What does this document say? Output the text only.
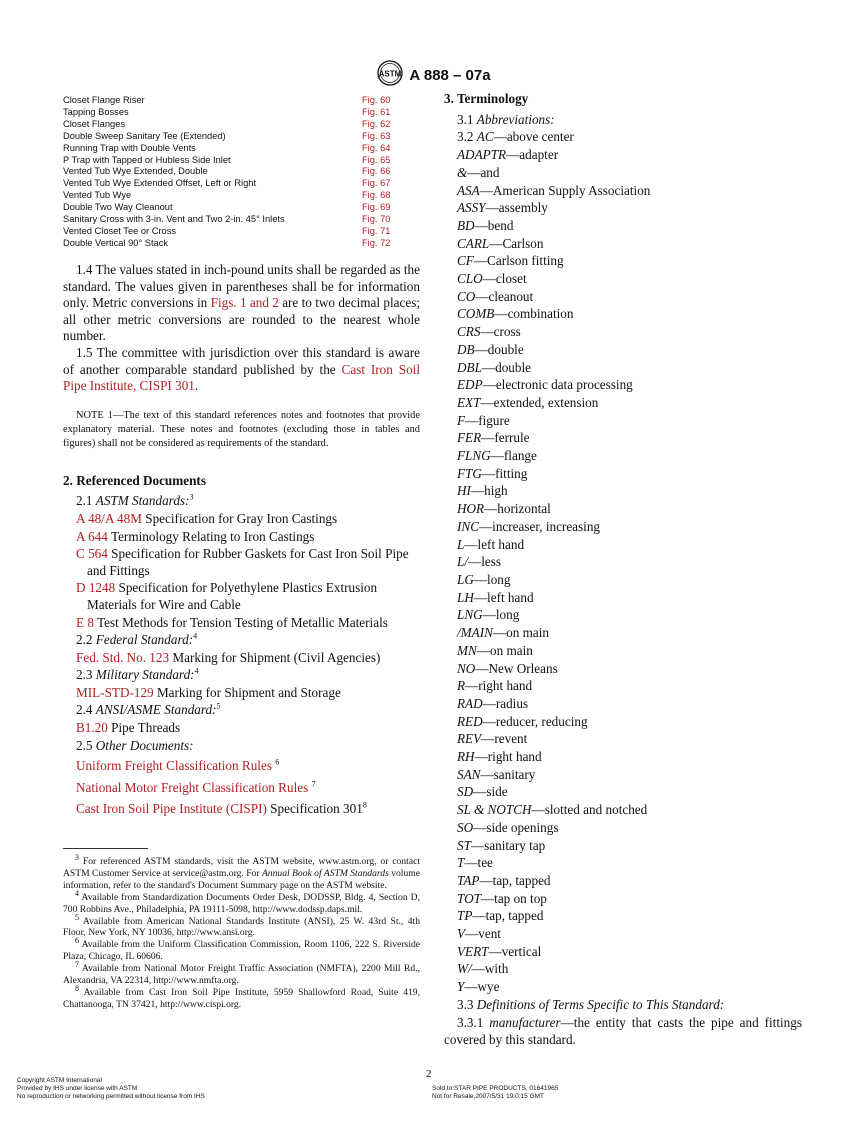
ASTM A 888 – 07a
Closet Flange Riser	Fig. 60
Tapping Bosses	Fig. 61
Closet Flanges	Fig. 62
Double Sweep Sanitary Tee (Extended)	Fig. 63
Running Trap with Double Vents	Fig. 64
P Trap with Tapped or Hubless Side Inlet	Fig. 65
Vented Tub Wye Extended, Double	Fig. 66
Vented Tub Wye Extended Offset, Left or Right	Fig. 67
Vented Tub Wye	Fig. 68
Double Two Way Cleanout	Fig. 69
Sanitary Cross with 3-in. Vent and Two 2-in. 45° Inlets	Fig. 70
Vented Closet Tee or Cross	Fig. 71
Double Vertical 90° Stack	Fig. 72

1.4 The values stated in inch-pound units shall be regarded as the standard. The values given in parentheses shall be for information only. Metric conversions in Figs. 1 and 2 are to two decimal places; all other metric conversions are rounded to the nearest whole number.

1.5 The committee with jurisdiction over this standard is aware of another comparable standard published by the Cast Iron Soil Pipe Institute, CISPI 301.

NOTE 1—The text of this standard references notes and footnotes that provide explanatory material. These notes and footnotes (excluding those in tables and figures) shall not be considered as requirements of the standard.

2. Referenced Documents

2.1 ASTM Standards:$^3$

A 48/A 48M Specification for Gray Iron Castings

A 644 Terminology Relating to Iron Castings

C 564 Specification for Rubber Gaskets for Cast Iron Soil Pipe and Fittings

D 1248 Specification for Polyethylene Plastics Extrusion Materials for Wire and Cable

E 8 Test Methods for Tension Testing of Metallic Materials

2.2 Federal Standard:$^4$

Fed. Std. No. 123 Marking for Shipment (Civil Agencies)

2.3 Military Standard:$^4$

MIL-STD-129 Marking for Shipment and Storage

2.4 ANSI/ASME Standard:$^5$

B1.20 Pipe Threads

2.5 Other Documents:

Uniform Freight Classification Rules $^6$

National Motor Freight Classification Rules $^7$

Cast Iron Soil Pipe Institute (CISPI) Specification $301^8$

$^3$ For referenced ASTM standards, visit the ASTM website, www.astm.org, or contact ASTM Customer Service at service@astm.org. For Annual Book of ASTM Standards volume information, refer to the standard's Document Summary page on the ASTM website.

$^4$ Available from Standardization Documents Order Desk, DODSSP, Bldg. 4, Section D, 700 Robbins Ave., Philadelphia, PA 19111-5098, http://www.dodssp.daps.mil.

$^5$ Available from American National Standards Institute (ANSI), 25 W. 43rd St., 4th Floor, New York, NY 10036, http://www.ansi.org.

$^6$ Available from the Uniform Classification Commission, Room 1106, 222 S. Riverside Plaza, Chicago, IL 60606.

$^7$ Available from National Motor Freight Traffic Association (NMFTA), 2200 Mill Rd., Alexandria, VA 22314, http://www.nmfta.org.

$^8$ Available from Cast Iron Soil Pipe Institute, 5959 Shallowford Road, Suite 419, Chattanooga, TN 37421, http://www.cispi.org.

3. Terminology

3.1 Abbreviations:

3.2 AC—above center

ADAPTR—adapter

&—and

ASA—American Supply Association

ASSY—assembly

BD—bend

CARL—Carlson

CF—Carlson fitting

CLO—closet

CO—cleanout

COMB—combination

CRS—cross

DB—double

DBL—double

EDP—electronic data processing

EXT—extended, extension

F—figure

FER—ferrule

FLNG—flange

FTG—fitting

HI—high

HOR—horizontal

INC—increaser, increasing

L—left hand

L/—less

LG—long

LH—left hand

LNG—long

/MAIN—on main

MN—on main

NO—New Orleans

R—right hand

RAD—radius

RED—reducer, reducing

REV—revent

RH—right hand

SAN—sanitary

SD—side

SL & NOTCH—slotted and notched

SO—side openings

ST—sanitary tap

T—tee

TAP—tap, tapped

TOT—tap on top

TP—tap, tapped

V—vent

VERT—vertical

W/—with

Y—wye

3.3 Definitions of Terms Specific to This Standard:

3.3.1 manufacturer—the entity that casts the pipe and fittings covered by this standard.

2
Copyright ASTM International
Provided by IHS under license with ASTM
No reproduction or networking permitted without license from IHS
Sold to:STAR PIPE PRODUCTS, 01641965
Not for Resale,2007/5/31 19:0:15 GMT
